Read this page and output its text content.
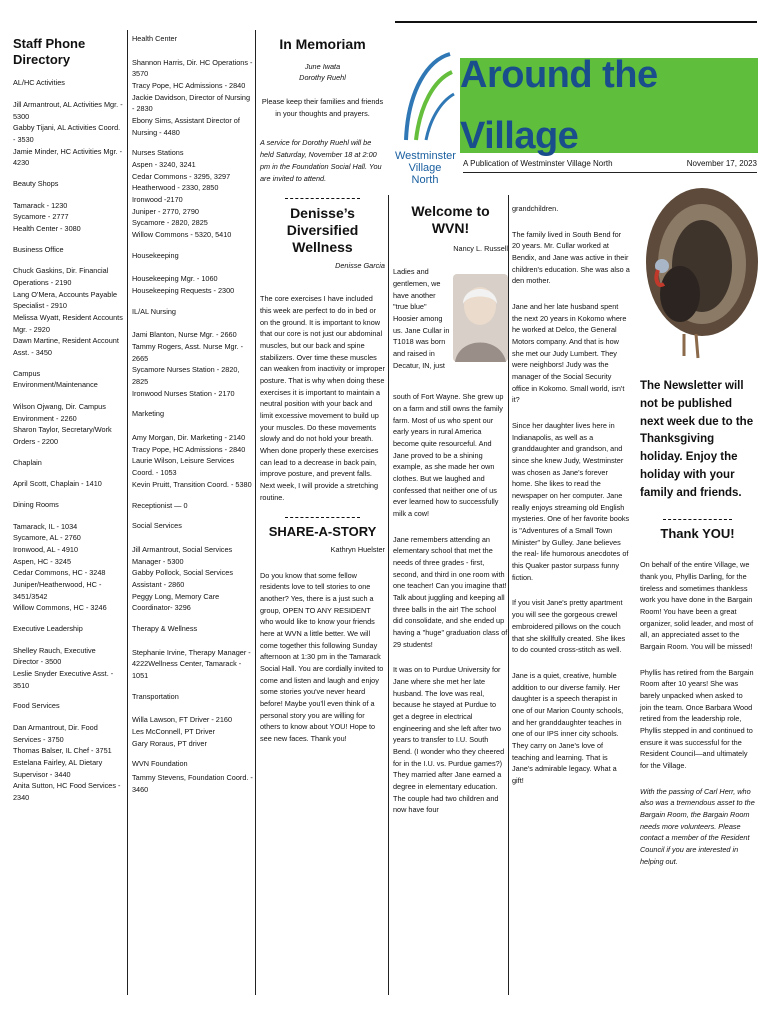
Staff Phone Directory
AL/HC Activities
Jill Armantrout, AL Activities Mgr. - 5300
Gabby Tijani, AL Activities Coord. - 3530
Jamie Minder, HC Activities Mgr. - 4230
Beauty Shops
Tamarack - 1230
Sycamore - 2777
Health Center - 3080
Business Office
Chuck Gaskins, Dir. Financial Operations - 2190
Lang O'Mera, Accounts Payable Specialist - 2910
Melissa Wyatt, Resident Accounts Mgr. - 2920
Dawn Martine, Resident Account Asst. - 3450
Campus Environment/Maintenance
Wilson Ojwang, Dir. Campus Environment - 2260
Sharon Taylor, Secretary/Work Orders - 2200
Chaplain
April Scott, Chaplain - 1410
Dining Rooms
Tamarack, IL - 1034
Sycamore, AL - 2760
Ironwood, AL - 4910
Aspen, HC - 3245
Cedar Commons, HC - 3248
Juniper/Heatherwood, HC - 3451/3542
Willow Commons, HC - 3246
Executive Leadership
Shelley Rauch, Executive Director - 3500
Leslie Snyder Executive Asst. - 3510
Food Services
Dan Armantrout, Dir. Food Services - 3750
Thomas Balser, IL Chef - 3751
Estelana Fairley, AL Dietary Supervisor - 3440
Anita Sutton, HC Food Services - 2340
Health Center
Shannon Harris, Dir. HC Operations - 3570
Tracy Pope, HC Admissions - 2840
Jackie Davidson, Director of Nursing - 2830
Ebony Sims, Assistant Director of Nursing - 4480
Nurses Stations
Aspen - 3240, 3241
Cedar Commons - 3295, 3297
Heatherwood - 2330, 2850
Ironwood -2170
Juniper - 2770, 2790
Sycamore - 2820, 2825
Willow Commons - 5320, 5410
Housekeeping
Housekeeping Mgr. - 1060
Housekeeping Requests - 2300
IL/AL Nursing
Jami Blanton, Nurse Mgr. - 2660
Tammy Rogers, Asst. Nurse Mgr. - 2665
Sycamore Nurses Station - 2820, 2825
Ironwood Nurses Station - 2170
Marketing
Amy Morgan, Dir. Marketing - 2140
Tracy Pope, HC Admissions - 2840
Laurie Wilson, Leisure Services Coord. - 1053
Kevin Pruitt, Transition Coord. - 5380
Receptionist — 0
Social Services
Jill Armantrout, Social Services Manager - 5300
Gabby Pollock, Social Services Assistant - 2860
Peggy Long, Memory Care Coordinator- 3296
Therapy & Wellness
Stephanie Irvine, Therapy Manager - 4222Wellness Center, Tamarack - 1051
Transportation
Willa Lawson, FT Driver - 2160
Les McConnell, PT Driver
Gary Roraus, PT driver
WVN Foundation
Tammy Stevens, Foundation Coord. - 3460
In Memoriam
June Iwata
Dorothy Ruehl
Please keep their families and friends in your thoughts and prayers.
A service for Dorothy Ruehl will be held Saturday, November 18 at 2:00 pm in the Foundation Social Hall. You are invited to attend.
Denisse’s Diversified Wellness
Denisse Garcia
The core exercises I have included this week are perfect to do in bed or on the ground. It is important to know that our core is not just our abdominal muscles, but our back and spine stabilizers. Over time these muscles can weaken from inactivity or improper posture. That is why when doing these exercises it is important to maintain a neutral position with your back and limit excessive movement to build up your muscles. Do these movements slowly and do not hold your breath. When done properly these exercises can lead to a decrease in back pain, improve posture, and prevent falls. Next week, I will provide a stretching routine.
SHARE-A-STORY
Kathryn Huelster
Do you know that some fellow residents love to tell stories to one another? Yes, there is a just such a group, OPEN TO ANY RESIDENT who would like to know your friends here at WVN a little better. We will come together this following Sunday afternoon at 1:30 pm in the Tamarack Social Hall. You are cordially invited to come and listen and laugh and enjoy some stories you've never heard before! Maybe you'll even think of a personal story you are willing for others to know about YOU! Hope to see new faces. Thank you!
Westminster Village North
Around the Village
A Publication of Westminster Village North	November 17, 2023
Welcome to WVN!
Nancy L. Russell
Ladies and gentlemen, we have another "true blue" Hoosier among us. Jane Cullar in T1018 was born and raised in Decatur, IN, just
south of Fort Wayne. She grew up on a farm and still owns the family farm. Most of us who spent our early years in rural America become quite resourceful. And Jane proved to be a shining example, as she made her own clothes. But we laughed and confessed that neither one of us ever learned how to successfully milk a cow!
Jane remembers attending an elementary school that met the needs of three grades - first, second, and third in one room with one teacher! Can you imagine that! Talk about juggling and keeping all three balls in the air! The school did consolidate, and she ended up having a "huge" graduation class of 29 students!
It was on to Purdue University for Jane where she met her late husband. The love was real, because he stayed at Purdue to get a degree in electrical engineering and she left after two years to transfer to I.U. South Bend. (I wonder who they cheered for in the I.U. vs. Purdue games?) They married after Jane earned a degree in elementary education. The couple had two children and now have four
grandchildren.
The family lived in South Bend for 20 years. Mr. Cullar worked at Bendix, and Jane was active in their children's education. She was also a den mother.
Jane and her late husband spent the next 20 years in Kokomo where he worked at Delco, the General Motors company. And that is how she met our Judy Lumbert. They were neighbors! Judy was the manager of the Social Security office in Kokomo. Small world, isn't it?
Since her daughter lives here in Indianapolis, as well as a granddaughter and grandson, and since she knew Judy, Westminster was chosen as Jane's forever home. She likes to read the newspaper on her computer. Jane really enjoys streaming old English mysteries. One of her favorite books is "Adventures of a Small Town Minister" by Gulley. Jane believes the real- life humorous anecdotes of this Quaker pastor surpass funny fiction.
If you visit Jane's pretty apartment you will see the gorgeous crewel embroidered pillows on the couch that she skillfully created. She likes to do counted cross-stitch as well.
Jane is a quiet, creative, humble addition to our diverse family. Her daughter is a speech therapist in one of our Marion County schools, and her granddaughter teaches in one of our IPS inner city schools. They carry on Jane's love of teaching and learning. That is Jane's admirable legacy. What a gift!
The Newsletter will not be published next week due to the Thanksgiving holiday. Enjoy the holiday with your family and friends.
Thank YOU!
On behalf of the entire Village, we thank you, Phyllis Darling, for the tireless and sometimes thankless work you have done in the Bargain Room! You have been a great organizer, solid leader, and most of all, an appreciated asset to the Bargain Room. You will be missed!
Phyllis has retired from the Bargain Room after 10 years! She was barely unpacked when asked to join the team. Once Barbara Wood retired from the leadership role, Phyllis stepped in and continued to ensure it was successful for the Resident Council—and ultimately for the Village.
With the passing of Carl Herr, who also was a tremendous asset to the Bargain Room, the Bargain Room needs more volunteers. Please contact a member of the Resident Council if you are interested in helping out.
